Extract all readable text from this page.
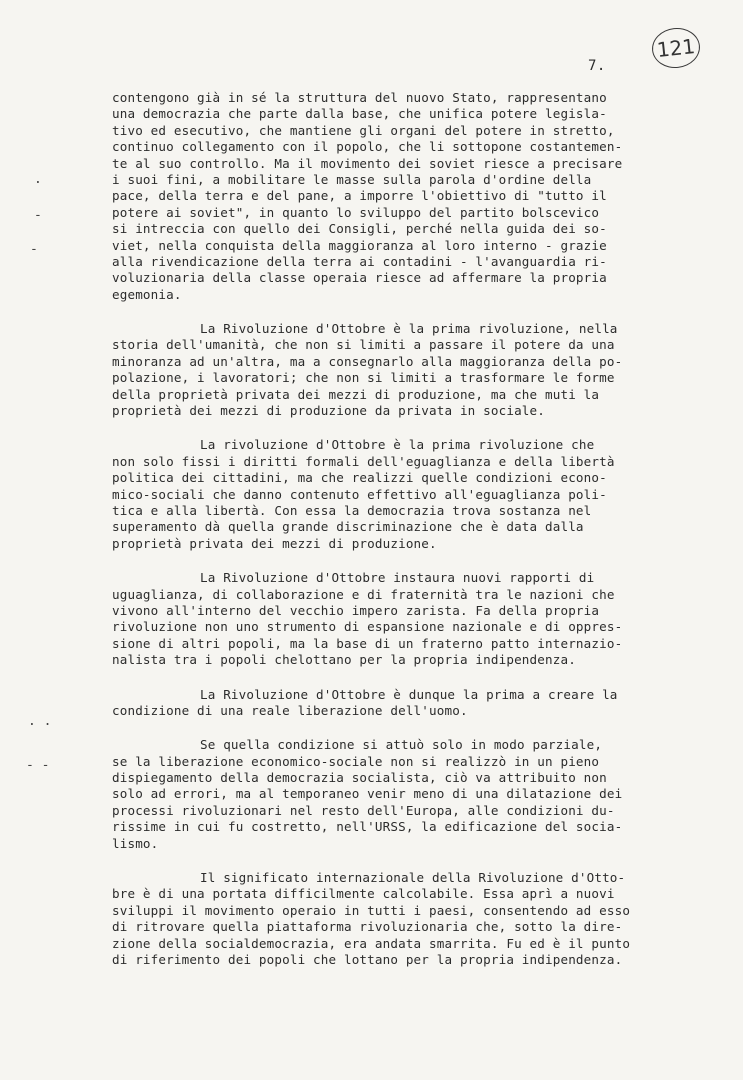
7.
121
.
-
-
. .
- -
contengono già in sé la struttura del nuovo Stato, rappresentano
una democrazia che parte dalla base, che unifica potere legisla-
tivo ed esecutivo, che mantiene gli organi del potere in stretto,
continuo collegamento con il popolo, che li sottopone costantemen-
te al suo controllo. Ma il movimento dei soviet riesce a precisare
i suoi fini, a mobilitare le masse sulla parola d'ordine della
pace, della terra e del pane, a imporre l'obiettivo di "tutto il
potere ai soviet", in quanto lo sviluppo del partito bolscevico
si intreccia con quello dei Consigli, perché nella guida dei so-
viet, nella conquista della maggioranza al loro interno - grazie
alla rivendicazione della terra ai contadini - l'avanguardia ri-
voluzionaria della classe operaia riesce ad affermare la propria
egemonia.
La Rivoluzione d'Ottobre è la prima rivoluzione, nella
storia dell'umanità, che non si limiti a passare il potere da una
minoranza ad un'altra, ma a consegnarlo alla maggioranza della po-
polazione, i lavoratori; che non si limiti a trasformare le forme
della proprietà privata dei mezzi di produzione, ma che muti la
proprietà dei mezzi di produzione da privata in sociale.
La rivoluzione d'Ottobre è la prima rivoluzione che
non solo fissi i diritti formali dell'eguaglianza e della libertà
politica dei cittadini, ma che realizzi quelle condizioni econo-
mico-sociali che danno contenuto effettivo all'eguaglianza poli-
tica e alla libertà. Con essa la democrazia trova sostanza nel
superamento dà quella grande discriminazione che è data dalla
proprietà privata dei mezzi di produzione.
La Rivoluzione d'Ottobre instaura nuovi rapporti di
uguaglianza, di collaborazione e di fraternità tra le nazioni che
vivono all'interno del vecchio impero zarista. Fa della propria
rivoluzione non uno strumento di espansione nazionale e di oppres-
sione di altri popoli, ma la base di un fraterno patto internazio-
nalista tra i popoli chelottano per la propria indipendenza.
La Rivoluzione d'Ottobre è dunque la prima a creare la
condizione di una reale liberazione dell'uomo.
Se quella condizione si attuò solo in modo parziale,
se la liberazione economico-sociale non si realizzò in un pieno
dispiegamento della democrazia socialista, ciò va attribuito non
solo ad errori, ma al temporaneo venir meno di una dilatazione dei
processi rivoluzionari nel resto dell'Europa, alle condizioni du-
rissime in cui fu costretto, nell'URSS, la edificazione del socia-
lismo.
Il significato internazionale della Rivoluzione d'Otto-
bre è di una portata difficilmente calcolabile. Essa aprì a nuovi
sviluppi il movimento operaio in tutti i paesi, consentendo ad esso
di ritrovare quella piattaforma rivoluzionaria che, sotto la dire-
zione della socialdemocrazia, era andata smarrita. Fu ed è il punto
di riferimento dei popoli che lottano per la propria indipendenza.
